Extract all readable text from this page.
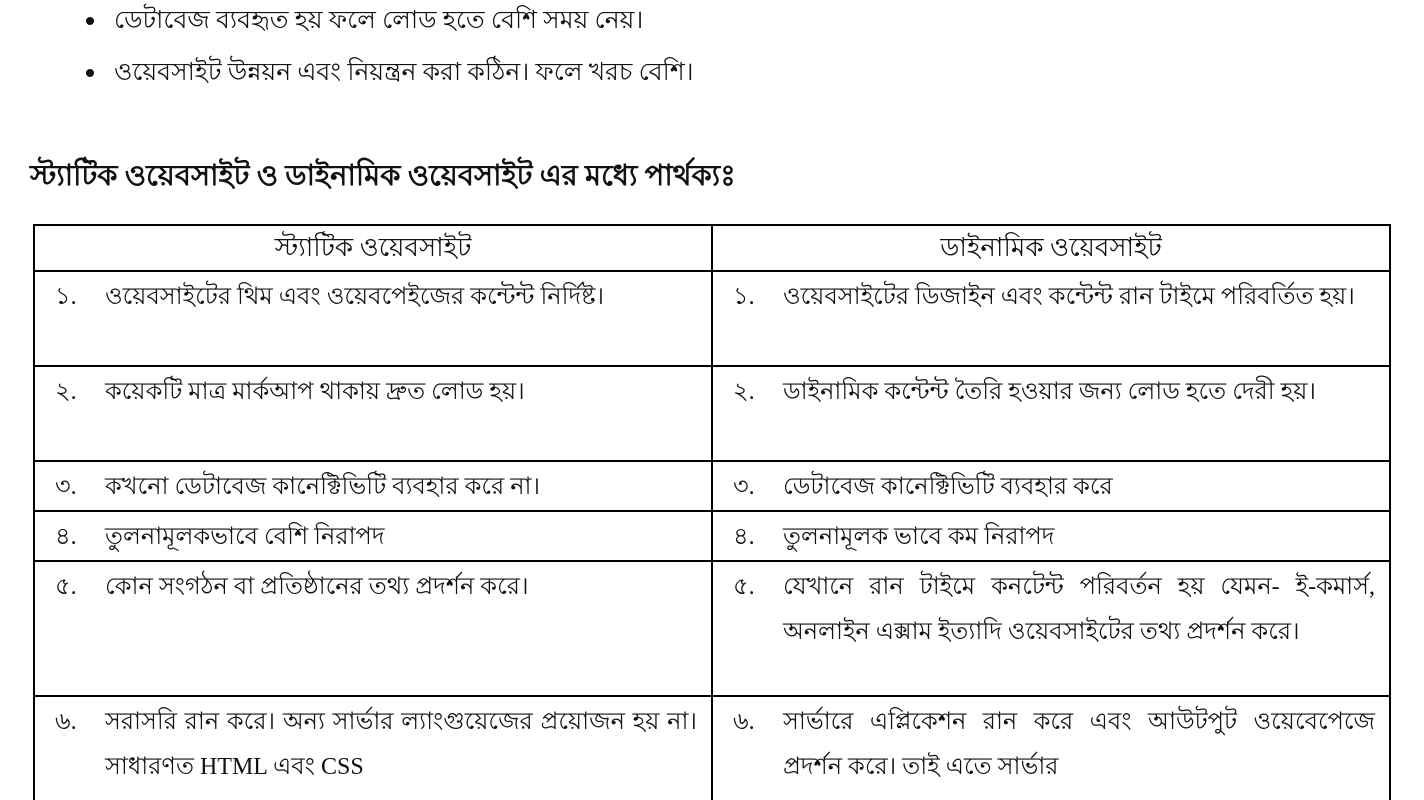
ডেটাবেজ ব্যবহৃত হয় ফলে লোড হতে বেশি সময় নেয়।
ওয়েবসাইট উন্নয়ন এবং নিয়ন্ত্রন করা কঠিন। ফলে খরচ বেশি।
স্ট্যাটিক ওয়েবসাইট ও ডাইনামিক ওয়েবসাইট এর মধ্যে পার্থক্যঃ
স্ট্যাটিক ওয়েবসাইট	ডাইনামিক ওয়েবসাইট

১. ওয়েবসাইটের থিম এবং ওয়েবপেইজের কন্টেন্ট নির্দিষ্ট।	১. ওয়েবসাইটের ডিজাইন এবং কন্টেন্ট রান টাইমে পরিবর্তিত হয়।

২. কয়েকটি মাত্র মার্কআপ থাকায় দ্রুত লোড হয়।	২. ডাইনামিক কন্টেন্ট তৈরি হওয়ার জন্য লোড হতে দেরী হয়।

৩. কখনো ডেটাবেজ কানেক্টিভিটি ব্যবহার করে না।	৩. ডেটাবেজ কানেক্টিভিটি ব্যবহার করে

৪. তুলনামূলকভাবে বেশি নিরাপদ	৪. তুলনামূলক ভাবে কম নিরাপদ

৫. কোন সংগঠন বা প্রতিষ্ঠানের তথ্য প্রদর্শন করে।	৫. যেখানে রান টাইমে কনটেন্ট পরিবর্তন হয় যেমন- ই-কমার্স, অনলাইন এক্সাম ইত্যাদি ওয়েবসাইটের তথ্য প্রদর্শন করে।

৬. সরাসরি রান করে। অন্য সার্ভার ল্যাংগুয়েজের প্রয়োজন হয় না। সাধারণত HTML এবং CSS	৬. সার্ভারে এপ্লিকেশন রান করে এবং আউটপুট ওয়েবেপেজে প্রদর্শন করে। তাই এতে সার্ভার
